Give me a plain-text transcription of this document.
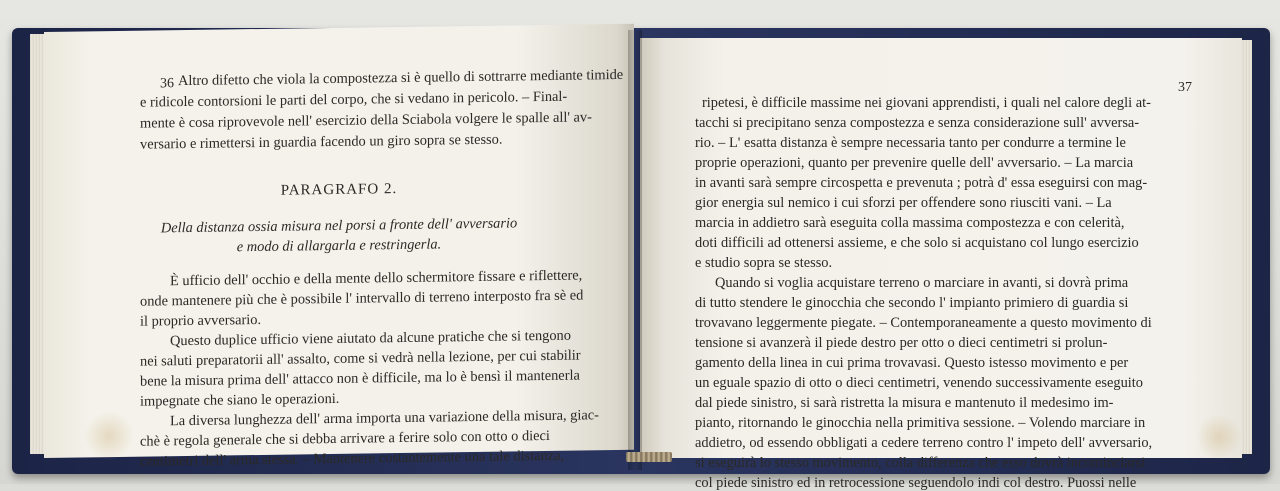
36 Altro difetto che viola la compostezza si è quello di sottrarre mediante timide
e ridicole contorsioni le parti del corpo, che si vedano in pericolo. – Final-
mente è cosa riprovevole nell' esercizio della Sciabola volgere le spalle all' av-
versario e rimettersi in guardia facendo un giro sopra se stesso.
PARAGRAFO 2.
Della distanza ossia misura nel porsi a fronte dell' avversario
e modo di allargarla e restringerla.
È ufficio dell' occhio e della mente dello schermitore fissare e riflettere,
onde mantenere più che è possibile l' intervallo di terreno interposto fra sè ed
il proprio avversario.
Questo duplice ufficio viene aiutato da alcune pratiche che si tengono
nei saluti preparatorii all' assalto, come si vedrà nella lezione, per cui stabilir
bene la misura prima dell' attacco non è difficile, ma lo è bensì il mantenerla
impegnate che siano le operazioni.
La diversa lunghezza dell' arma importa una variazione della misura, giac-
chè è regola generale che si debba arrivare a ferire solo con otto o dieci
centimetri dell' arma stessa. – Mantenere costantemente una tale distanza,
37
ripetesi, è difficile massime nei giovani apprendisti, i quali nel calore degli at-
tacchi si precipitano senza compostezza e senza considerazione sull' avversa-
rio. – L' esatta distanza è sempre necessaria tanto per condurre a termine le
proprie operazioni, quanto per prevenire quelle dell' avversario. – La marcia
in avanti sarà sempre circospetta e prevenuta ; potrà d' essa eseguirsi con mag-
gior energia sul nemico i cui sforzi per offendere sono riusciti vani. – La
marcia in addietro sarà eseguita colla massima compostezza e con celerità,
doti difficili ad ottenersi assieme, e che solo si acquistano col lungo esercizio
e studio sopra se stesso.
Quando si voglia acquistare terreno o marciare in avanti, si dovrà prima
di tutto stendere le ginocchia che secondo l' impianto primiero di guardia si
trovavano leggermente piegate. – Contemporaneamente a questo movimento di
tensione si avanzerà il piede destro per otto o dieci centimetri si prolun-
gamento della linea in cui prima trovavasi. Questo istesso movimento e per
un eguale spazio di otto o dieci centimetri, venendo successivamente eseguito
dal piede sinistro, si sarà ristretta la misura e mantenuto il medesimo im-
pianto, ritornando le ginocchia nella primitiva sessione. – Volendo marciare in
addietro, od essendo obbligati a cedere terreno contro l' impeto dell' avversario,
si eseguirà lo stesso movimento, colla differenza che esso dovrà incominciarsi
col piede sinistro ed in retrocessione seguendolo indi col destro. Puossi nelle
